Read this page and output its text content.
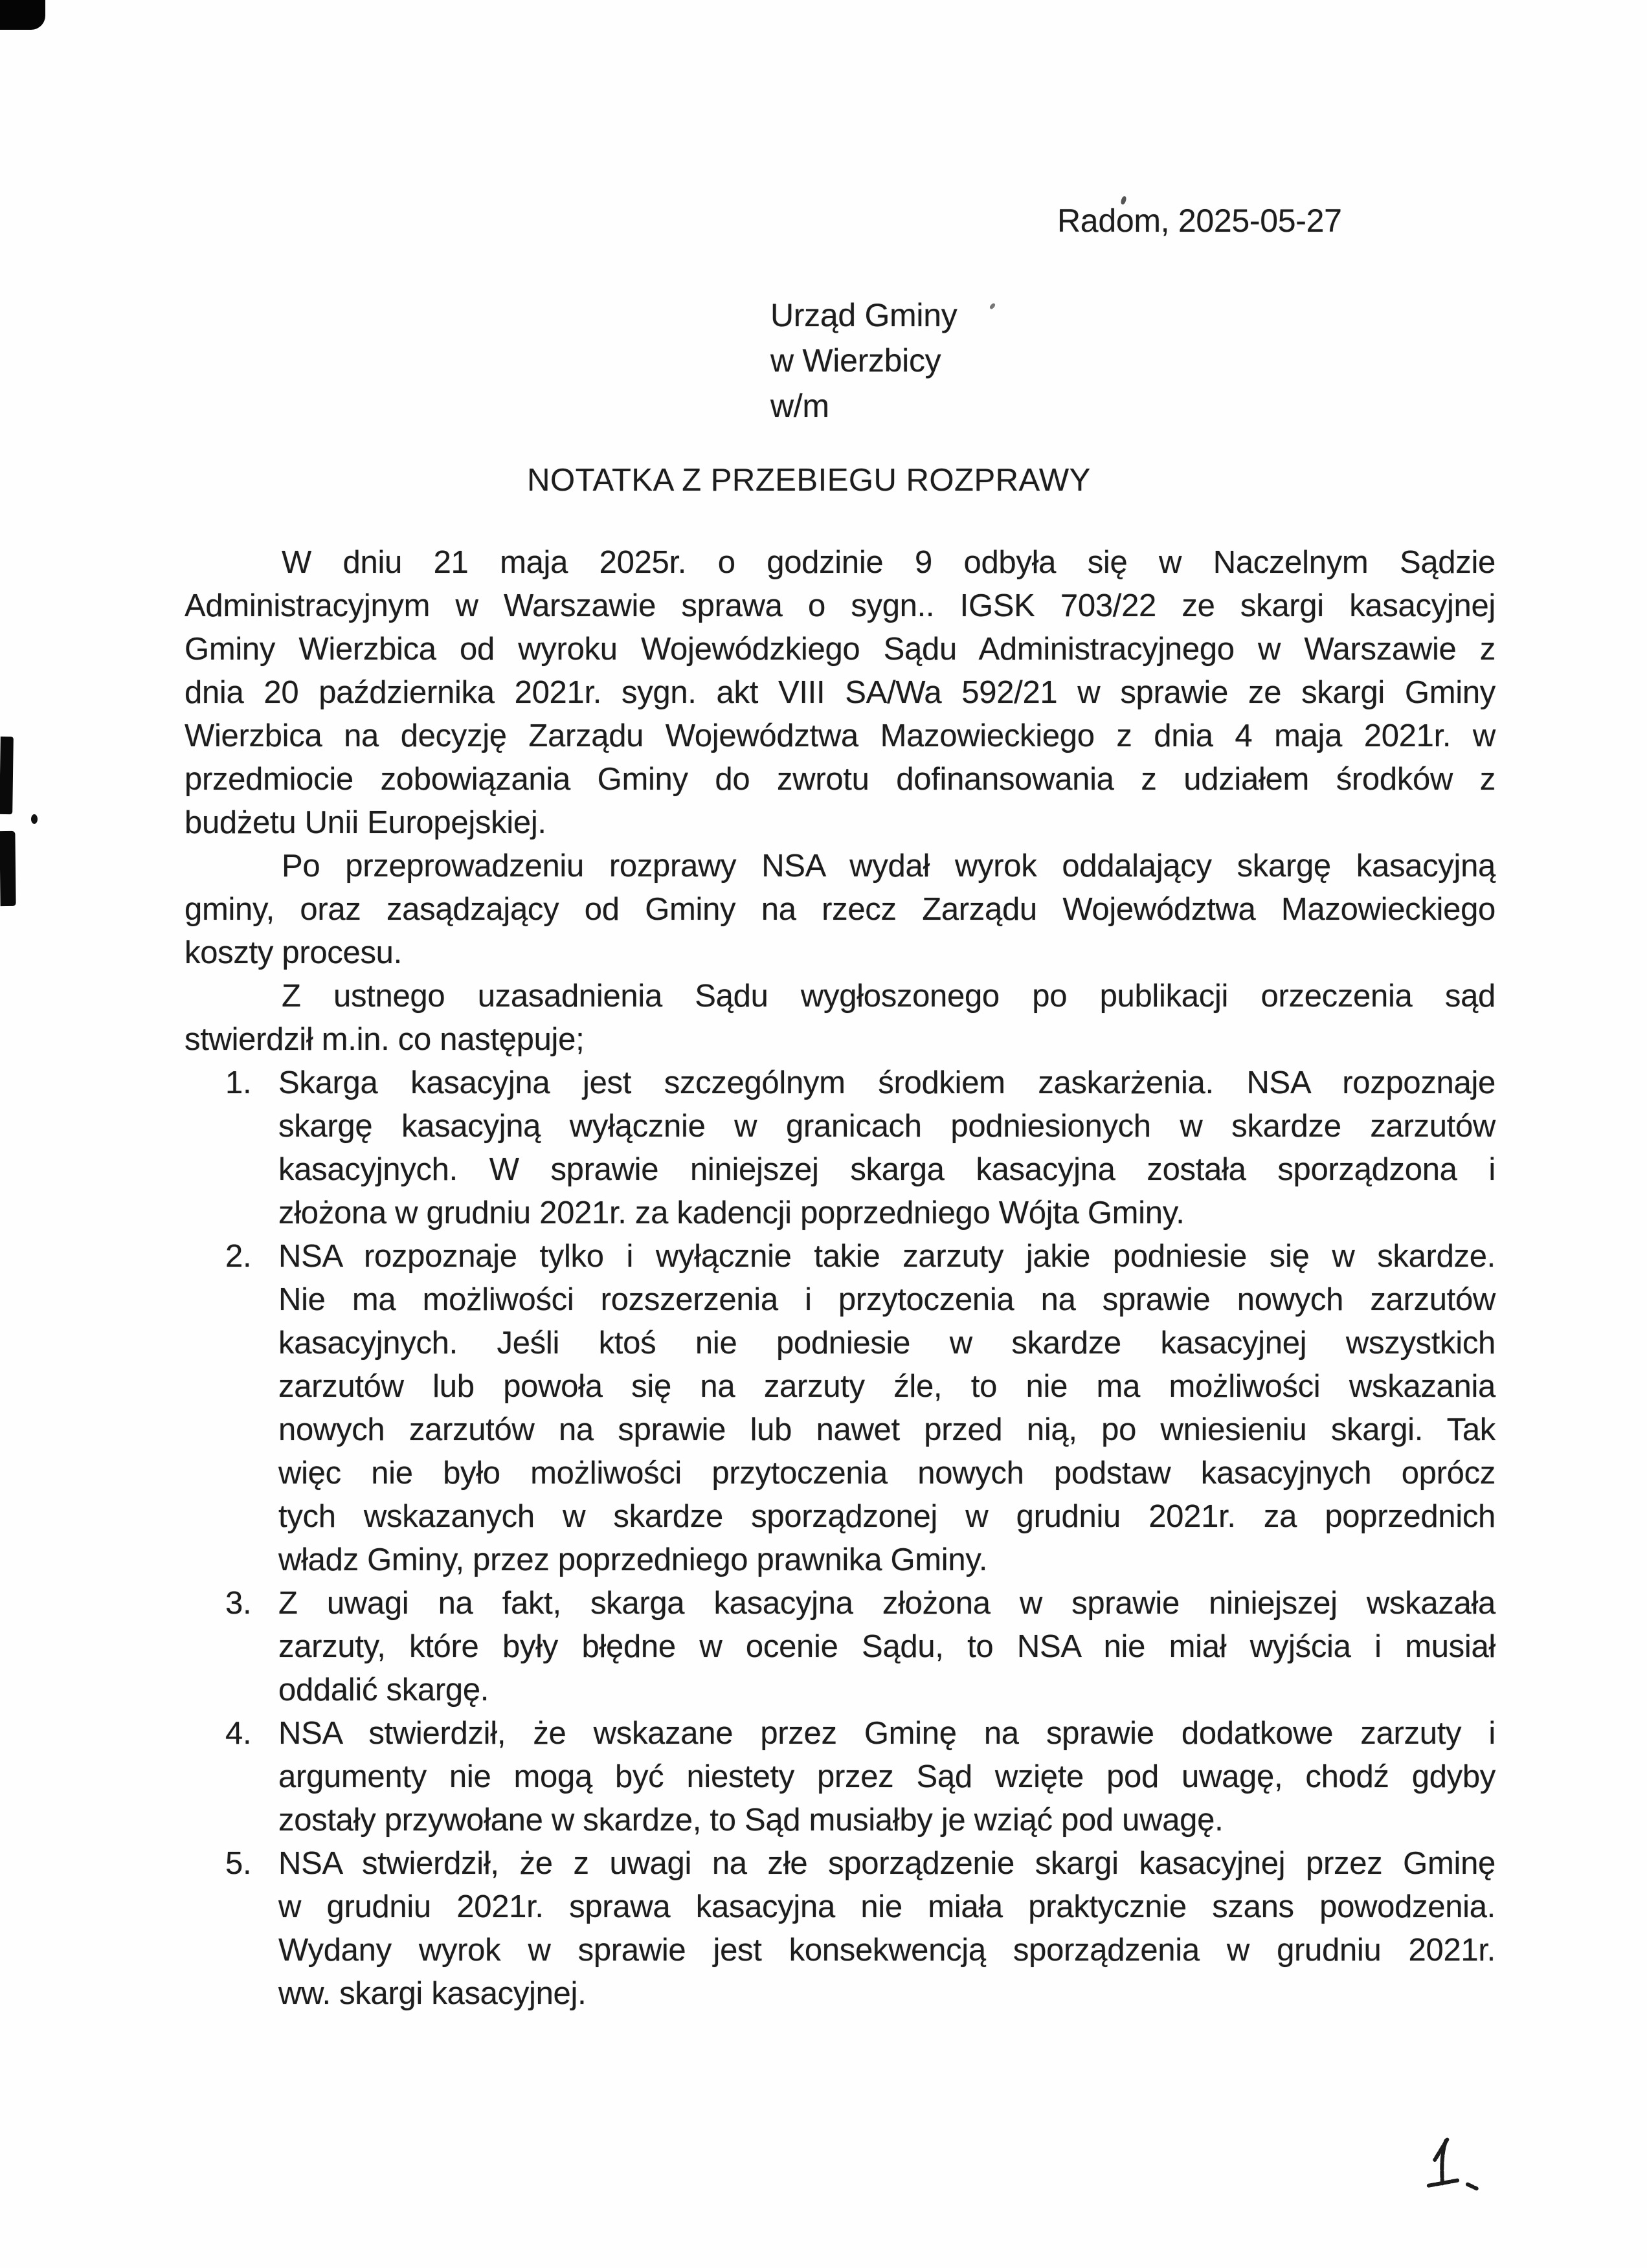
Radom, 2025-05-27
Urząd Gminy
w Wierzbicy
w/m
NOTATKA Z PRZEBIEGU ROZPRAWY
W dniu 21 maja 2025r. o godzinie 9 odbyła się w Naczelnym Sądzie
Administracyjnym w Warszawie sprawa o sygn.. IGSK 703/22 ze skargi kasacyjnej
Gminy Wierzbica od wyroku Wojewódzkiego Sądu Administracyjnego w Warszawie z
dnia 20 października 2021r. sygn. akt VIII SA/Wa 592/21 w sprawie ze skargi Gminy
Wierzbica na decyzję Zarządu Województwa Mazowieckiego z dnia 4 maja 2021r. w
przedmiocie zobowiązania Gminy do zwrotu dofinansowania z udziałem środków z
budżetu Unii Europejskiej.
Po przeprowadzeniu rozprawy NSA wydał wyrok oddalający skargę kasacyjną
gminy, oraz zasądzający od Gminy na rzecz Zarządu Województwa Mazowieckiego
koszty procesu.
Z ustnego uzasadnienia Sądu wygłoszonego po publikacji orzeczenia sąd
stwierdził m.in. co następuje;
1. Skarga kasacyjna jest szczególnym środkiem zaskarżenia. NSA rozpoznaje
skargę kasacyjną wyłącznie w granicach podniesionych w skardze zarzutów
kasacyjnych. W sprawie niniejszej skarga kasacyjna została sporządzona i
złożona w grudniu 2021r. za kadencji poprzedniego Wójta Gminy.
2. NSA rozpoznaje tylko i wyłącznie takie zarzuty jakie podniesie się w skardze.
Nie ma możliwości rozszerzenia i przytoczenia na sprawie nowych zarzutów
kasacyjnych. Jeśli ktoś nie podniesie w skardze kasacyjnej wszystkich
zarzutów lub powoła się na zarzuty źle, to nie ma możliwości wskazania
nowych zarzutów na sprawie lub nawet przed nią, po wniesieniu skargi. Tak
więc nie było możliwości przytoczenia nowych podstaw kasacyjnych oprócz
tych wskazanych w skardze sporządzonej w grudniu 2021r. za poprzednich
władz Gminy, przez poprzedniego prawnika Gminy.
3. Z uwagi na fakt, skarga kasacyjna złożona w sprawie niniejszej wskazała
zarzuty, które były błędne w ocenie Sądu, to NSA nie miał wyjścia i musiał
oddalić skargę.
4. NSA stwierdził, że wskazane przez Gminę na sprawie dodatkowe zarzuty i
argumenty nie mogą być niestety przez Sąd wzięte pod uwagę, chodź gdyby
zostały przywołane w skardze, to Sąd musiałby je wziąć pod uwagę.
5. NSA stwierdził, że z uwagi na złe sporządzenie skargi kasacyjnej przez Gminę
w grudniu 2021r. sprawa kasacyjna nie miała praktycznie szans powodzenia.
Wydany wyrok w sprawie jest konsekwencją sporządzenia w grudniu 2021r.
ww. skargi kasacyjnej.
